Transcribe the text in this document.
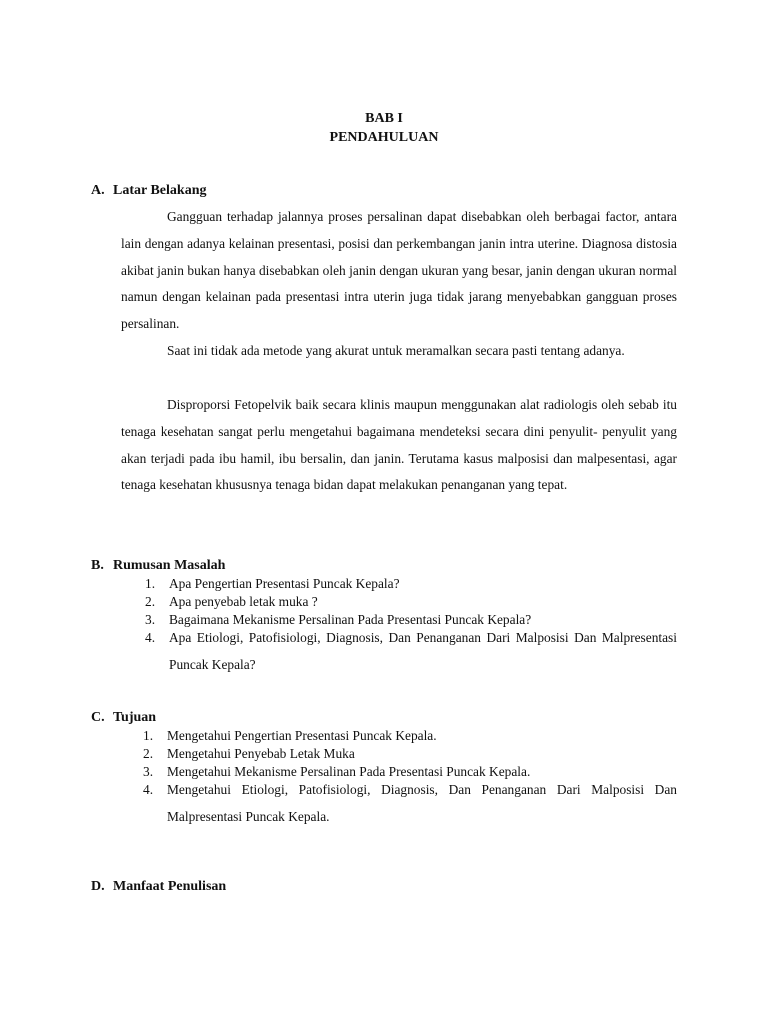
BAB I
PENDAHULUAN
A. Latar Belakang

Gangguan terhadap jalannya proses persalinan dapat disebabkan oleh berbagai factor, antara lain dengan adanya kelainan presentasi, posisi dan perkembangan janin intra uterine. Diagnosa distosia akibat janin bukan hanya disebabkan oleh janin dengan ukuran yang besar, janin dengan ukuran normal namun dengan kelainan pada presentasi intra uterin juga tidak jarang menyebabkan gangguan proses persalinan.

Saat ini tidak ada metode yang akurat untuk meramalkan secara pasti tentang adanya.

Disproporsi Fetopelvik baik secara klinis maupun menggunakan alat radiologis oleh sebab itu tenaga kesehatan sangat perlu mengetahui bagaimana mendeteksi secara dini penyulit- penyulit yang akan terjadi pada ibu hamil, ibu bersalin, dan janin. Terutama kasus malposisi dan malpesentasi, agar tenaga kesehatan khususnya tenaga bidan dapat melakukan penanganan yang tepat.

B. Rumusan Masalah
1. Apa Pengertian Presentasi Puncak Kepala?
2. Apa penyebab letak muka ?
3. Bagaimana Mekanisme Persalinan Pada Presentasi Puncak Kepala?
4. Apa Etiologi, Patofisiologi, Diagnosis, Dan Penanganan Dari Malposisi Dan Malpresentasi Puncak Kepala?
C. Tujuan
1. Mengetahui Pengertian Presentasi Puncak Kepala.
2. Mengetahui Penyebab Letak Muka
3. Mengetahui Mekanisme Persalinan Pada Presentasi Puncak Kepala.
4. Mengetahui Etiologi, Patofisiologi, Diagnosis, Dan Penanganan Dari Malposisi Dan Malpresentasi Puncak Kepala.
D. Manfaat Penulisan
